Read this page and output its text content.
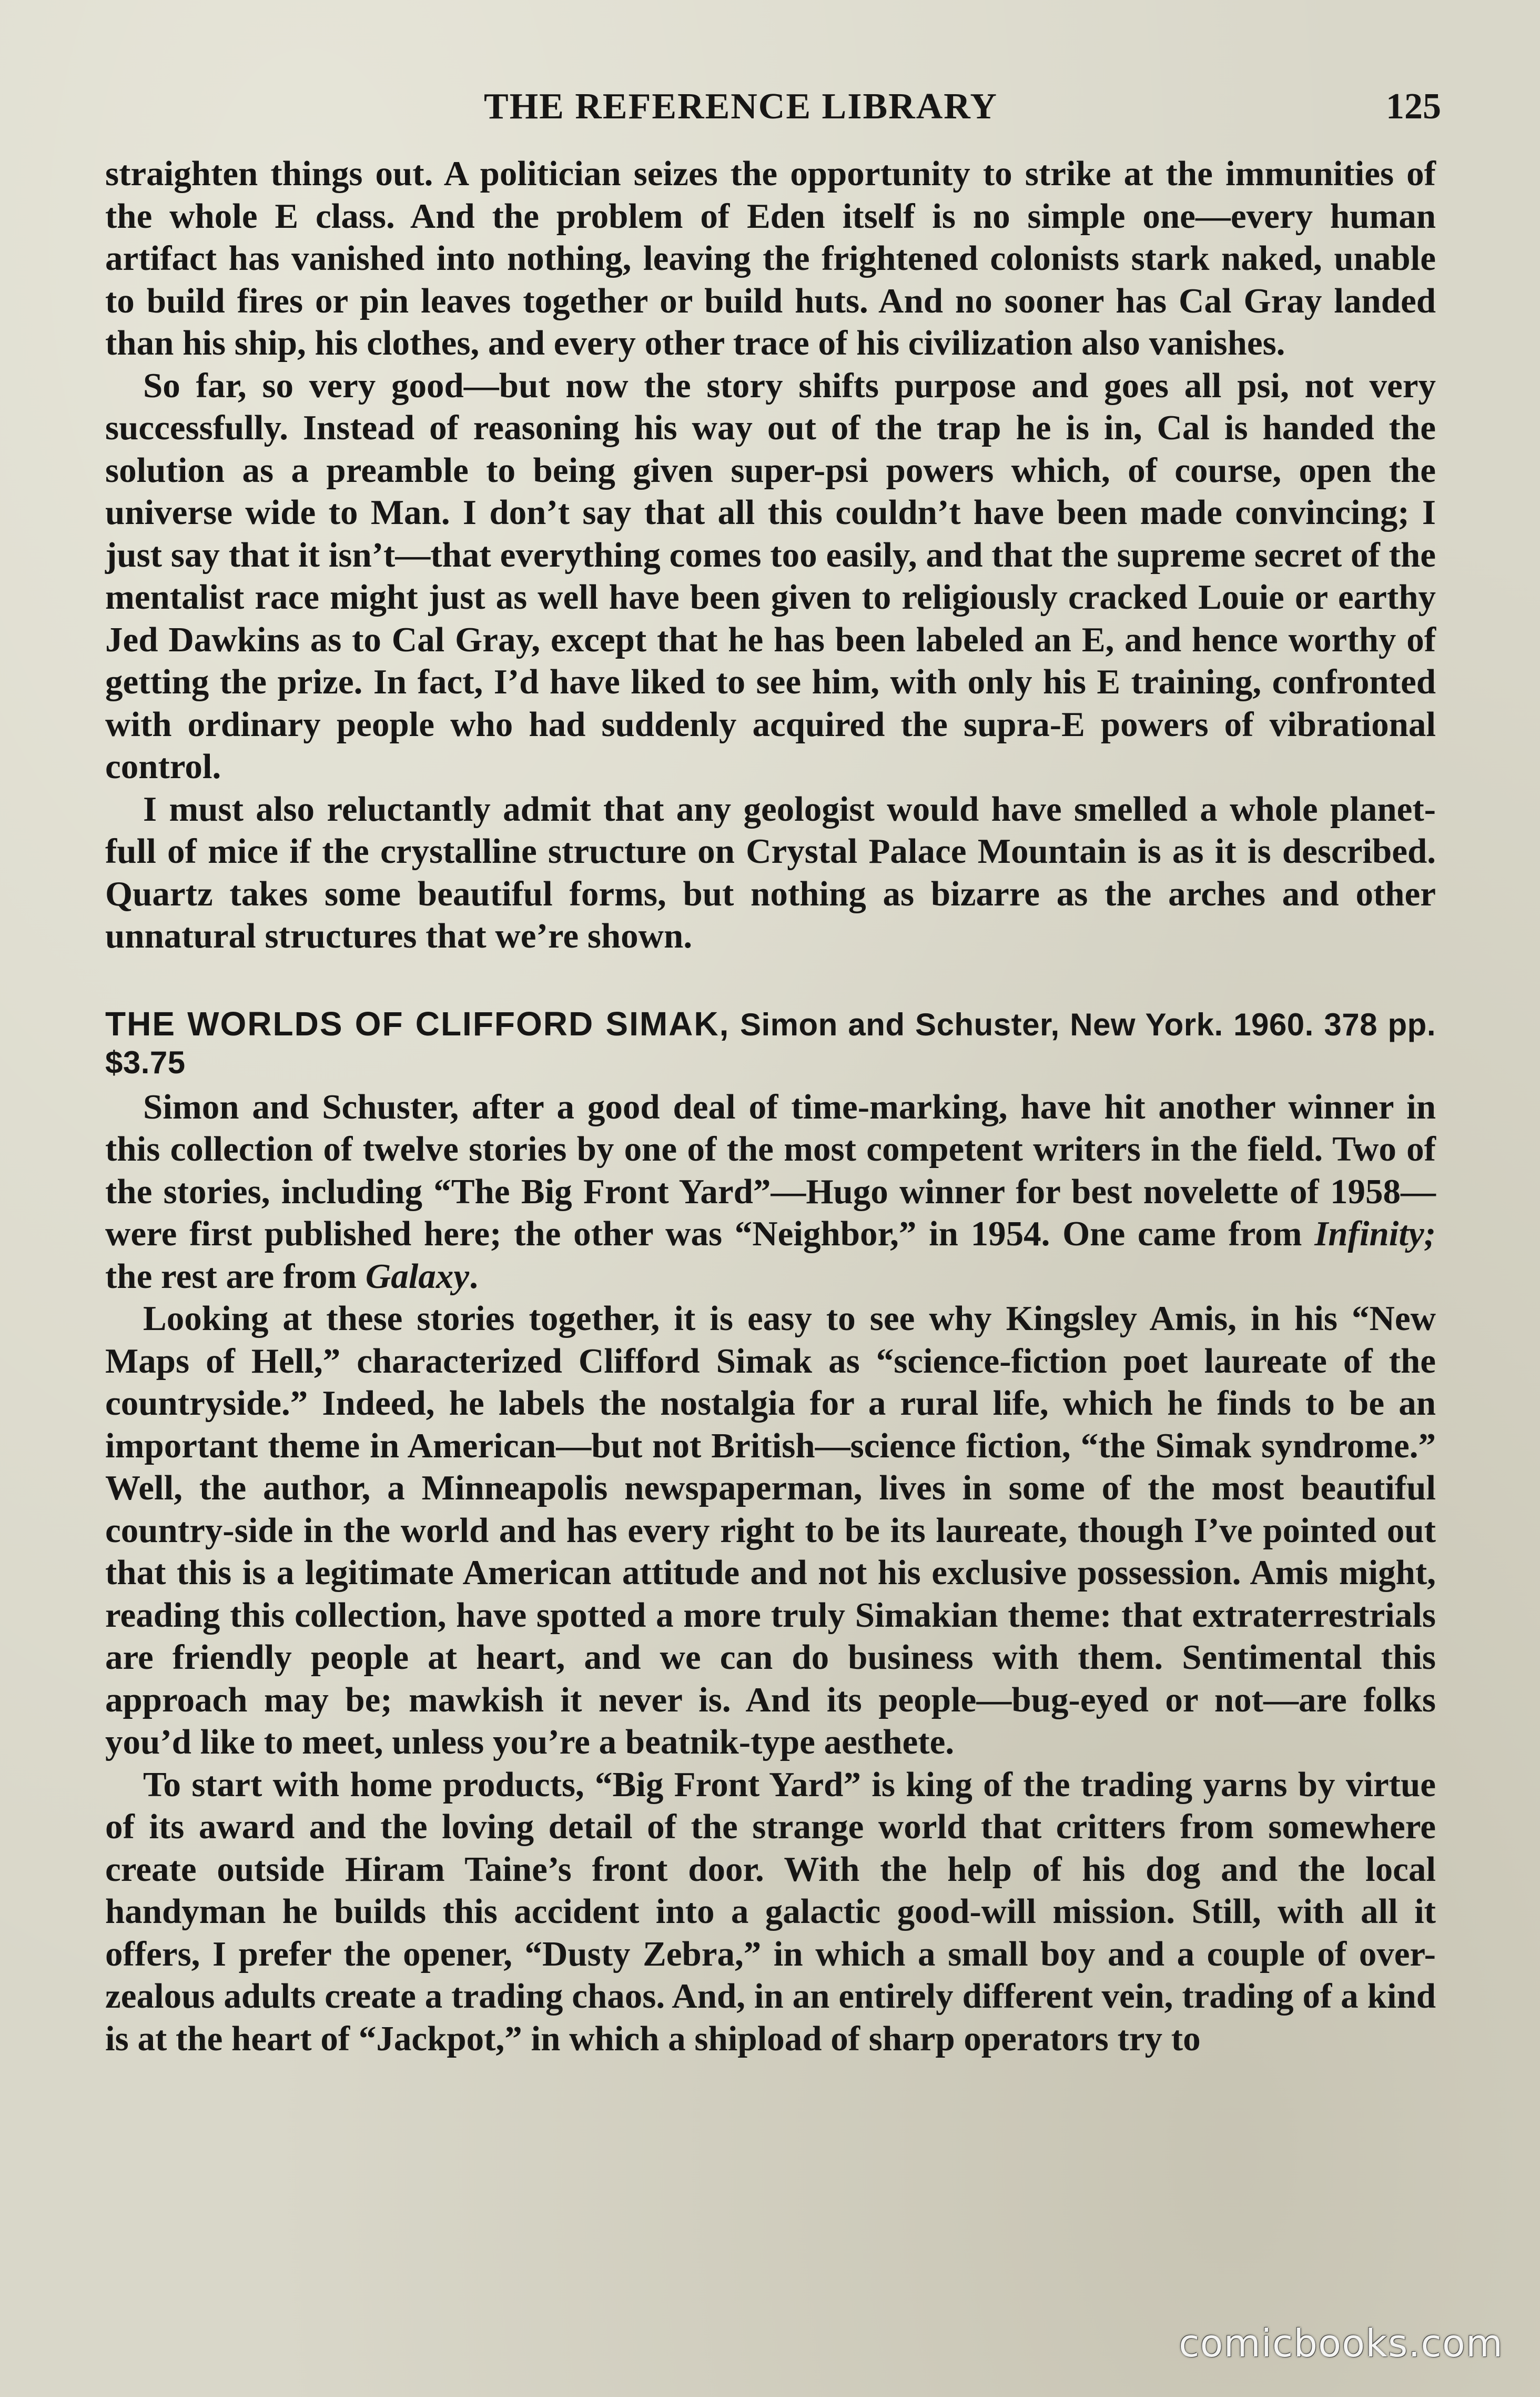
THE REFERENCE LIBRARY	125

straighten things out. A politician seizes the opportunity to strike at the immunities of the whole E class. And the problem of Eden itself is no simple one—every human artifact has vanished into nothing, leaving the frightened colonists stark naked, unable to build fires or pin leaves together or build huts. And no sooner has Cal Gray landed than his ship, his clothes, and every other trace of his civilization also vanishes.

So far, so very good—but now the story shifts purpose and goes all psi, not very successfully. Instead of reasoning his way out of the trap he is in, Cal is handed the solution as a preamble to being given super-psi powers which, of course, open the universe wide to Man. I don’t say that all this couldn’t have been made convincing; I just say that it isn’t—that everything comes too easily, and that the supreme secret of the mentalist race might just as well have been given to religiously cracked Louie or earthy Jed Dawkins as to Cal Gray, except that he has been labeled an E, and hence worthy of getting the prize. In fact, I’d have liked to see him, with only his E training, confronted with ordinary people who had suddenly acquired the supra-E powers of vibrational control.

I must also reluctantly admit that any geologist would have smelled a whole planet-full of mice if the crystalline structure on Crystal Palace Mountain is as it is described. Quartz takes some beautiful forms, but nothing as bizarre as the arches and other unnatural structures that we’re shown.

THE WORLDS OF CLIFFORD SIMAK, Simon and Schuster, New York. 1960. 378 pp. $3.75

Simon and Schuster, after a good deal of time-marking, have hit another winner in this collection of twelve stories by one of the most competent writers in the field. Two of the stories, including “The Big Front Yard”—Hugo winner for best novelette of 1958—were first published here; the other was “Neighbor,” in 1954. One came from Infinity; the rest are from Galaxy.

Looking at these stories together, it is easy to see why Kingsley Amis, in his “New Maps of Hell,” characterized Clifford Simak as “science-fiction poet laureate of the countryside.” Indeed, he labels the nostalgia for a rural life, which he finds to be an important theme in American—but not British—science fiction, “the Simak syndrome.” Well, the author, a Minneapolis newspaperman, lives in some of the most beautiful country-side in the world and has every right to be its laureate, though I’ve pointed out that this is a legitimate American attitude and not his exclusive possession. Amis might, reading this collection, have spotted a more truly Simakian theme: that extraterrestrials are friendly people at heart, and we can do business with them. Sentimental this approach may be; mawkish it never is. And its people—bug-eyed or not—are folks you’d like to meet, unless you’re a beatnik-type aesthete.

To start with home products, “Big Front Yard” is king of the trading yarns by virtue of its award and the loving detail of the strange world that critters from somewhere create outside Hiram Taine’s front door. With the help of his dog and the local handyman he builds this accident into a galactic good-will mission. Still, with all it offers, I prefer the opener, “Dusty Zebra,” in which a small boy and a couple of over-zealous adults create a trading chaos. And, in an entirely different vein, trading of a kind is at the heart of “Jackpot,” in which a shipload of sharp operators try to

comicbooks.com
